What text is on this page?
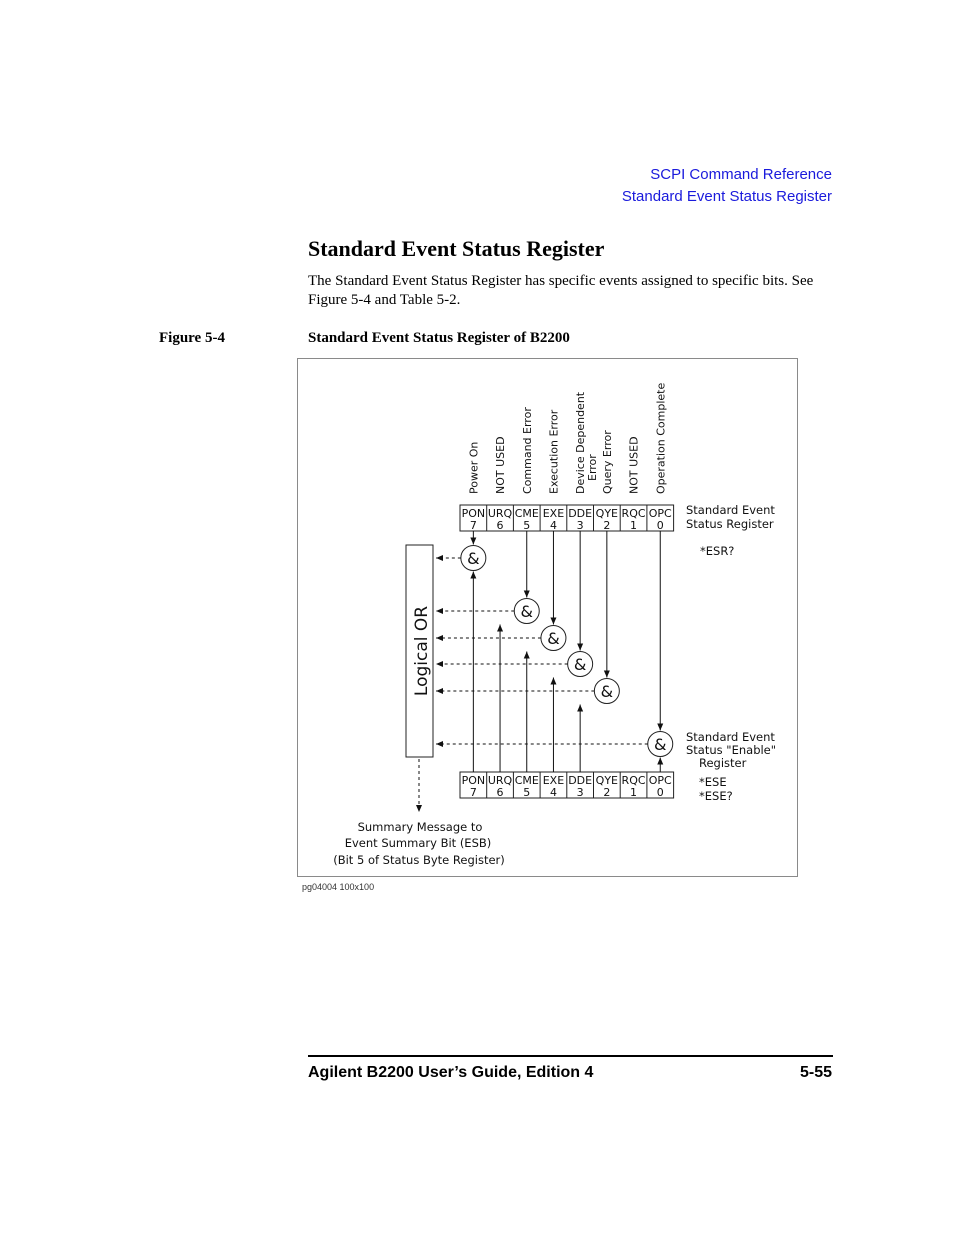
SCPI Command Reference
Standard Event Status Register
Standard Event Status Register

The Standard Event Status Register has specific events assigned to specific bits. See Figure 5-4 and Table 5-2.

Figure 5-4	Standard Event Status Register of B2200
PON
7
PON
7
URQ
6
URQ
6
CME
5
CME
5
EXE
4
EXE
4
DDE
3
DDE
3
QYE
2
QYE
2
RQC
1
RQC
1
OPC
0
OPC
0
Power On NOT USED Command Error Execution Error Device Dependent Query Error NOT USED Operation Complete
Error
Standard Event
Status Register
*ESR?
Standard Event
Status "Enable"
Register
*ESE
*ESE?
Logical OR
&
&
&
&
&
&
Summary Message to
Event Summary Bit (ESB)
(Bit 5 of Status Byte Register)
pg04004 100x100
Agilent B2200 User’s Guide, Edition 4	5-55
